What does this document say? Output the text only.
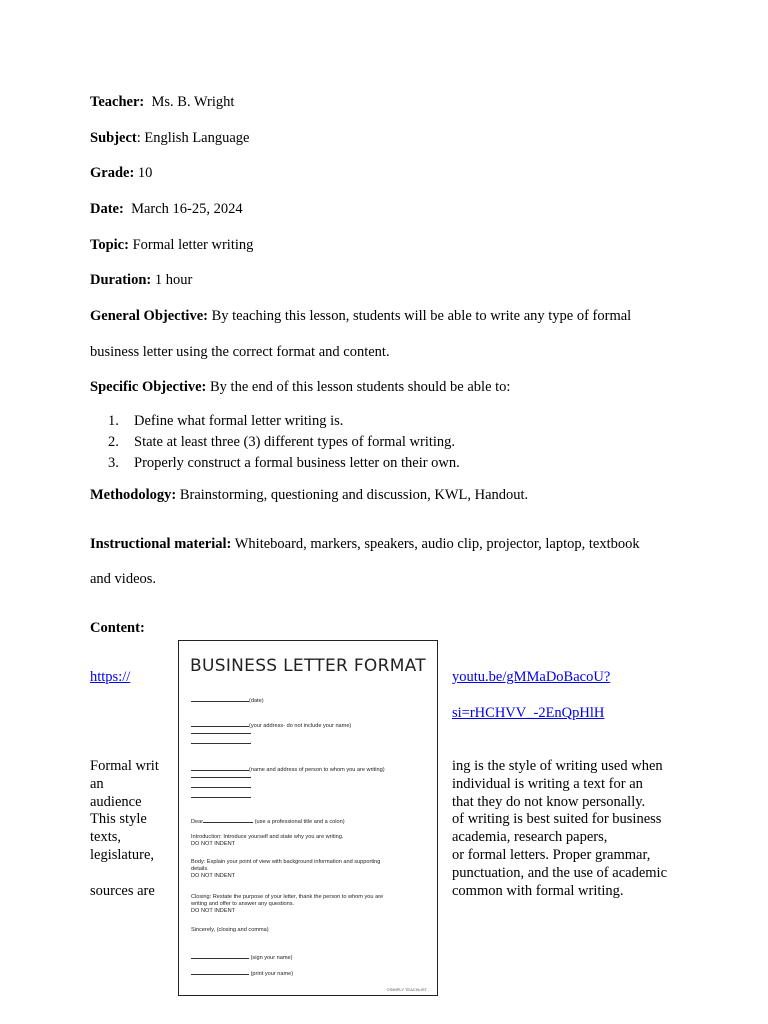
Teacher: Ms. B. Wright
Subject: English Language
Grade: 10
Date: March 16-25, 2024
Topic: Formal letter writing
Duration: 1 hour
General Objective: By teaching this lesson, students will be able to write any type of formal
business letter using the correct format and content.
Specific Objective: By the end of this lesson students should be able to:
1. Define what formal letter writing is.
2. State at least three (3) different types of formal writing.
3. Properly construct a formal business letter on their own.
Methodology: Brainstorming, questioning and discussion, KWL, Handout.
Instructional material: Whiteboard, markers, speakers, audio clip, projector, laptop, textbook
and videos.
Content:
https://	youtu.be/gMMaDoBacoU?
si=rHCHVV_-2EnQpHlH
Formal writ
an
audience
This style
texts,
legislature,
sources are
ing is the style of writing used when
individual is writing a text for an
that they do not know personally.
of writing is best suited for business
academia, research papers,
or formal letters. Proper grammar,
punctuation, and the use of academic
common with formal writing.
BUSINESS LETTER FORMAT
(date)
(your address- do not include your name)
(name and address of person to whom you are writing)
Dear	(use a professional title and a colon)
Introduction: Introduce yourself and state why you are writing.
DO NOT INDENT
Body: Explain your point of view with background information and supporting
details.
DO NOT INDENT
Closing: Restate the purpose of your letter, thank the person to whom you are
writing and offer to answer any questions.
DO NOT INDENT
Sincerely, (closing and comma)
(sign your name)
(print your name)
©SIMPLY TEACHLIST
